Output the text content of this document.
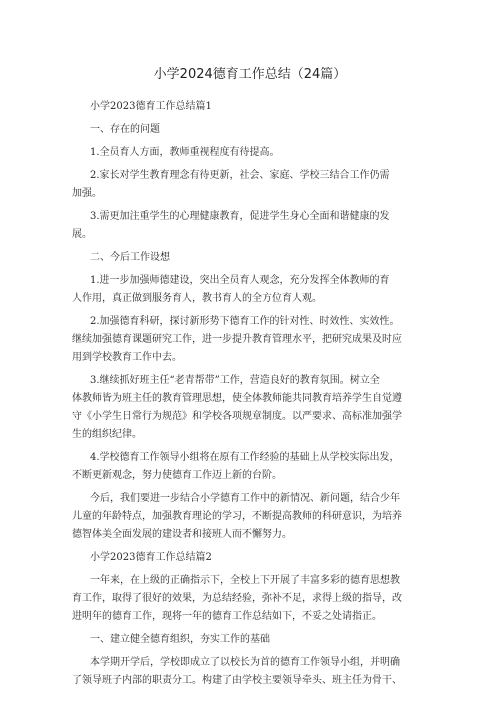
小学2024德育工作总结（24篇）
小学2023德育工作总结篇1
一、存在的问题
1.全员育人方面，教师重视程度有待提高。
2.家长对学生教育理念有待更新，社会、家庭、学校三结合工作仍需
加强。
3.需更加注重学生的心理健康教育，促进学生身心全面和谐健康的发
展。
二、今后工作设想
1.进一步加强师德建设，突出全员育人观念，充分发挥全体教师的育
人作用，真正做到服务育人，教书育人的全方位育人观。
2.加强德育科研，探讨新形势下德育工作的针对性、时效性、实效性。
继续加强德育课题研究工作，进一步提升教育管理水平，把研究成果及时应
用到学校教育工作中去。
3.继续抓好班主任“老青帮带”工作，营造良好的教育氛围。树立全
体教师皆为班主任的教育管理思想，使全体教师能共同教育培养学生自觉遵
守《小学生日常行为规范》和学校各项规章制度。以严要求、高标准加强学
生的组织纪律。
4.学校德育工作领导小组将在原有工作经验的基础上从学校实际出发，
不断更新观念，努力使德育工作迈上新的台阶。
今后，我们要进一步结合小学德育工作中的新情况、新问题，结合少年
儿童的年龄特点，加强教育理论的学习，不断提高教师的科研意识，为培养
德智体美全面发展的建设者和接班人而不懈努力。
小学2023德育工作总结篇2
一年来，在上级的正确指示下，全校上下开展了丰富多彩的德育思想教
育工作，取得了很好的效果，为总结经验，弥补不足，求得上级的指导，改
进明年的德育工作，现将一年的德育工作总结如下，不妥之处请指正。
一、建立健全德育组织，夯实工作的基础
本学期开学后，学校即成立了以校长为首的德育工作领导小组，并明确
了领导班子内部的职责分工。构建了由学校主要领导牵头、班主任为骨干、
